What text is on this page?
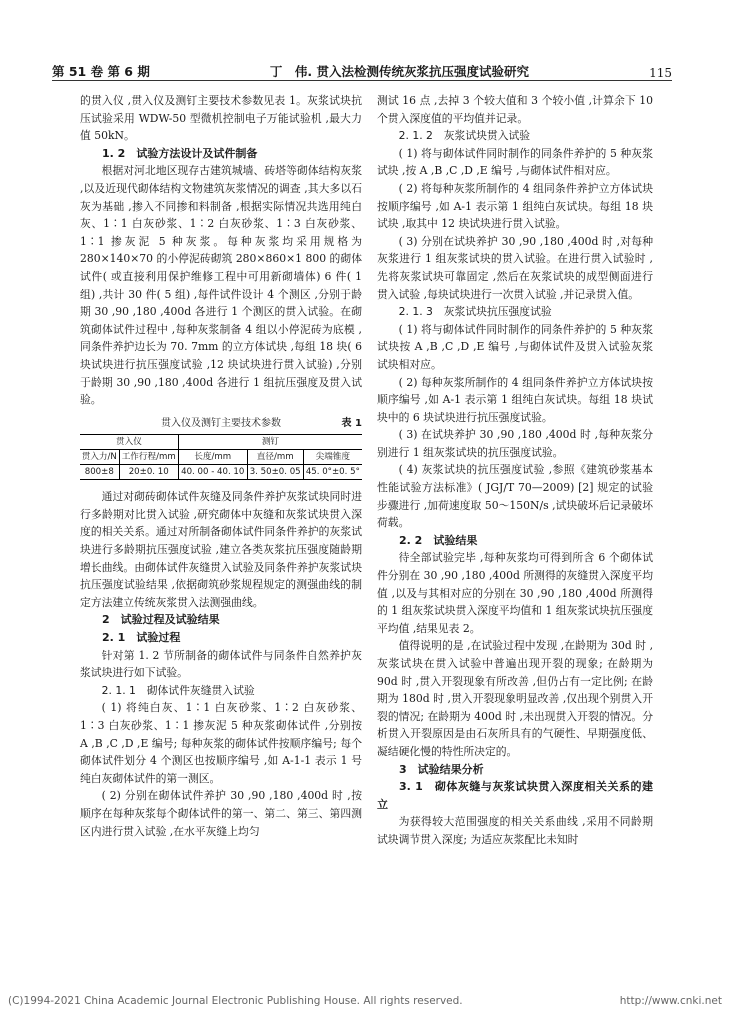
第 51 卷 第 6 期	丁　伟. 贯入法检测传统灰浆抗压强度试验研究	115

的贯入仪 ,贯入仪及测钉主要技术参数见表 1。灰浆试块抗压试验采用 WDW-50 型微机控制电子万能试验机 ,最大力值 50kN。

1. 2　试验方法设计及试件制备

根据对河北地区现存古建筑城墙、砖塔等砌体结构灰浆 ,以及近现代砌体结构文物建筑灰浆情况的调查 ,其大多以石灰为基础 ,掺入不同掺和料制备 ,根据实际情况共选用纯白灰、1∶1 白灰砂浆、1∶2 白灰砂浆、1∶3 白灰砂浆、1∶1 掺灰泥 5 种灰浆。每种灰浆均采用规格为 280×140×70 的小停泥砖砌筑 280×860×1 800 的砌体试件( 或直接利用保护维修工程中可用新砌墙体) 6 件( 1 组) ,共计 30 件( 5 组) ,每件试件设计 4 个测区 ,分别于龄期 30 ,90 ,180 ,400d 各进行 1 个测区的贯入试验。在砌筑砌体试件过程中 ,每种灰浆制备 4 组以小停泥砖为底模 ,同条件养护边长为 70. 7mm 的立方体试块 ,每组 18 块( 6 块试块进行抗压强度试验 ,12 块试块进行贯入试验) ,分别于龄期 30 ,90 ,180 ,400d 各进行 1 组抗压强度及贯入试验。

贯入仪及测钉主要技术参数	表 1
贯入仪		测钉		
贯入力/N	工作行程/mm	长度/mm	直径/mm	尖端锥度
800±8	20±0. 10	40. 00 - 40. 10	3. 50±0. 05	45. 0°±0. 5°

通过对砌砖砌体试件灰缝及同条件养护灰浆试块同时进行多龄期对比贯入试验 ,研究砌体中灰缝和灰浆试块贯入深度的相关关系。通过对所制备砌体试件同条件养护的灰浆试块进行多龄期抗压强度试验 ,建立各类灰浆抗压强度随龄期增长曲线。由砌体试件灰缝贯入试验及同条件养护灰浆试块抗压强度试验结果 ,依据砌筑砂浆规程规定的测强曲线的制定方法建立传统灰浆贯入法测强曲线。

2　试验过程及试验结果

2. 1　试验过程

针对第 1. 2 节所制备的砌体试件与同条件自然养护灰浆试块进行如下试验。

2. 1. 1　砌体试件灰缝贯入试验

( 1) 将纯白灰、1∶1 白灰砂浆、1∶2 白灰砂浆、1∶3 白灰砂浆、1∶1 掺灰泥 5 种灰浆砌体试件 ,分别按 A ,B ,C ,D ,E 编号; 每种灰浆的砌体试件按顺序编号; 每个砌体试件划分 4 个测区也按顺序编号 ,如 A-1-1 表示 1 号纯白灰砌体试件的第一测区。

( 2) 分别在砌体试件养护 30 ,90 ,180 ,400d 时 ,按顺序在每种灰浆每个砌体试件的第一、第二、第三、第四测区内进行贯入试验 ,在水平灰缝上均匀

测试 16 点 ,去掉 3 个较大值和 3 个较小值 ,计算余下 10 个贯入深度值的平均值并记录。

2. 1. 2　灰浆试块贯入试验

( 1) 将与砌体试件同时制作的同条件养护的 5 种灰浆试块 ,按 A ,B ,C ,D ,E 编号 ,与砌体试件相对应。

( 2) 将每种灰浆所制作的 4 组同条件养护立方体试块按顺序编号 ,如 A-1 表示第 1 组纯白灰试块。每组 18 块试块 ,取其中 12 块试块进行贯入试验。

( 3) 分别在试块养护 30 ,90 ,180 ,400d 时 ,对每种灰浆进行 1 组灰浆试块的贯入试验。在进行贯入试验时 ,先将灰浆试块可靠固定 ,然后在灰浆试块的成型侧面进行贯入试验 ,每块试块进行一次贯入试验 ,并记录贯入值。

2. 1. 3　灰浆试块抗压强度试验

( 1) 将与砌体试件同时制作的同条件养护的 5 种灰浆试块按 A ,B ,C ,D ,E 编号 ,与砌体试件及贯入试验灰浆试块相对应。

( 2) 每种灰浆所制作的 4 组同条件养护立方体试块按顺序编号 ,如 A-1 表示第 1 组纯白灰试块。每组 18 块试块中的 6 块试块进行抗压强度试验。

( 3) 在试块养护 30 ,90 ,180 ,400d 时 ,每种灰浆分别进行 1 组灰浆试块的抗压强度试验。

( 4) 灰浆试块的抗压强度试验 ,参照《建筑砂浆基本性能试验方法标准》( JGJ/T 70—2009) [2] 规定的试验步骤进行 ,加荷速度取 50～150N/s ,试块破坏后记录破坏荷载。

2. 2　试验结果

待全部试验完毕 ,每种灰浆均可得到所含 6 个砌体试件分别在 30 ,90 ,180 ,400d 所测得的灰缝贯入深度平均值 ,以及与其相对应的分别在 30 ,90 ,180 ,400d 所测得的 1 组灰浆试块贯入深度平均值和 1 组灰浆试块抗压强度平均值 ,结果见表 2。

值得说明的是 ,在试验过程中发现 ,在龄期为 30d 时 ,灰浆试块在贯入试验中普遍出现开裂的现象; 在龄期为 90d 时 ,贯入开裂现象有所改善 ,但仍占有一定比例; 在龄期为 180d 时 ,贯入开裂现象明显改善 ,仅出现个别贯入开裂的情况; 在龄期为 400d 时 ,未出现贯入开裂的情况。分析贯入开裂原因是由石灰所具有的气硬性、早期强度低、凝结硬化慢的特性所决定的。

3　试验结果分析

3. 1　砌体灰缝与灰浆试块贯入深度相关关系的建立

为获得较大范围强度的相关关系曲线 ,采用不同龄期试块调节贯入深度; 为适应灰浆配比未知时

(C)1994-2021 China Academic Journal Electronic Publishing House. All rights reserved.	http://www.cnki.net
